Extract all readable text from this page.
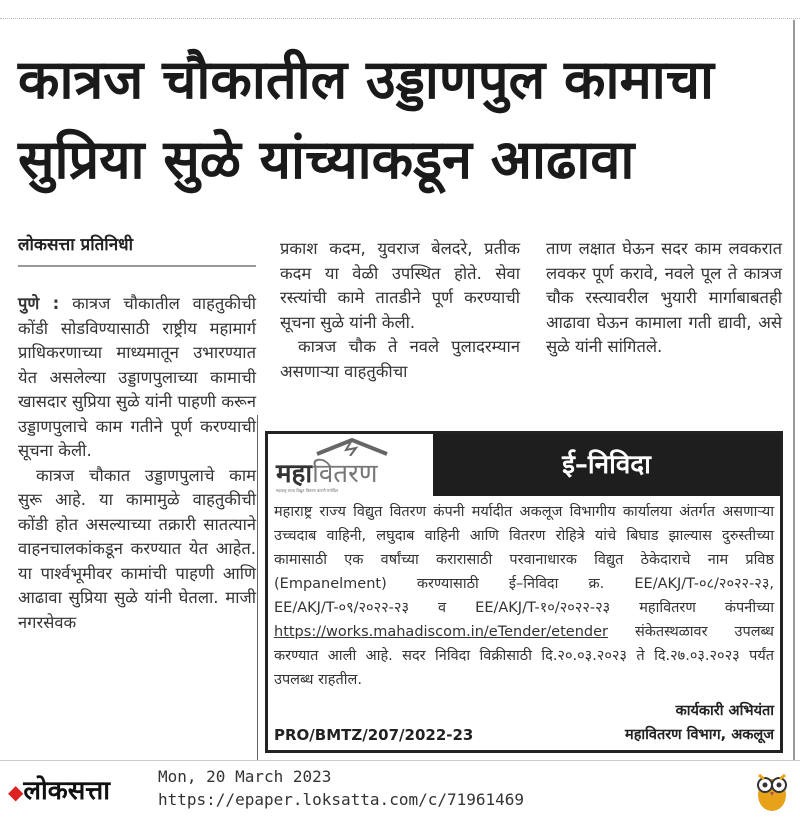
कात्रज चौकातील उड्डाणपुल कामाचा
सुप्रिया सुळे यांच्याकडून आढावा
लोकसत्ता प्रतिनिधी

पुणे : कात्रज चौकातील वाहतुकीची कोंडी सोडविण्यासाठी राष्ट्रीय महामार्ग प्राधिकरणाच्या माध्यमातून उभारण्यात येत असलेल्या उड्डाणपुलाच्या कामाची खासदार सुप्रिया सुळे यांनी पाहणी करून उड्डाणपुलाचे काम गतीने पूर्ण करण्याची सूचना केली.

कात्रज चौकात उड्डाणपुलाचे काम सुरू आहे. या कामामुळे वाहतुकीची कोंडी होत असल्याच्या तक्रारी सातत्याने वाहनचालकांकडून करण्यात येत आहेत. या पार्श्वभूमीवर कामांची पाहणी आणि आढावा सुप्रिया सुळे यांनी घेतला. माजी नगरसेवक

प्रकाश कदम, युवराज बेलदरे, प्रतीक कदम या वेळी उपस्थित होते. सेवा रस्त्यांची कामे तातडीने पूर्ण करण्याची सूचना सुळे यांनी केली.

कात्रज चौक ते नवले पुलादरम्यान असणाऱ्या वाहतुकीचा

ताण लक्षात घेऊन सदर काम लवकरात लवकर पूर्ण करावे, नवले पूल ते कात्रज चौक रस्त्यावरील भुयारी मार्गाबाबतही आढावा घेऊन कामाला गती द्यावी, असे सुळे यांनी सांगितले.

महावितरण
महाराष्ट्र राज्य विद्युत वितरण कंपनी मर्यादित
ई–निविदा
महाराष्ट्र राज्य विद्युत वितरण कंपनी मर्यादीत अकलूज विभागीय कार्यालया अंतर्गत असणाऱ्या उच्चदाब वाहिनी, लघुदाब वाहिनी आणि वितरण रोहित्रे यांचे बिघाड झाल्यास दुरुस्तीच्या कामासाठी एक वर्षांच्या करारासाठी परवानाधारक विद्युत ठेकेदाराचे नाम प्रविष्ठ (Empanelment) करण्यासाठी ई–निविदा क्र. EE/AKJ/T-०८/२०२२-२३, EE/AKJ/T-०९/२०२२-२३ व EE/AKJ/T-१०/२०२२-२३ महावितरण कंपनीच्या https://works.mahadiscom.in/eTender/etender संकेतस्थळावर उपलब्ध करण्यात आली आहे. सदर निविदा विक्रीसाठी दि.२०.०३.२०२३ ते दि.२७.०३.२०२३ पर्यंत उपलब्ध राहतील.
कार्यकारी अभियंता
महावितरण विभाग, अकलूज
PRO/BMTZ/207/2022-23
◆लोकसत्ता	Mon, 20 March 2023
https://epaper.loksatta.com/c/71961469
